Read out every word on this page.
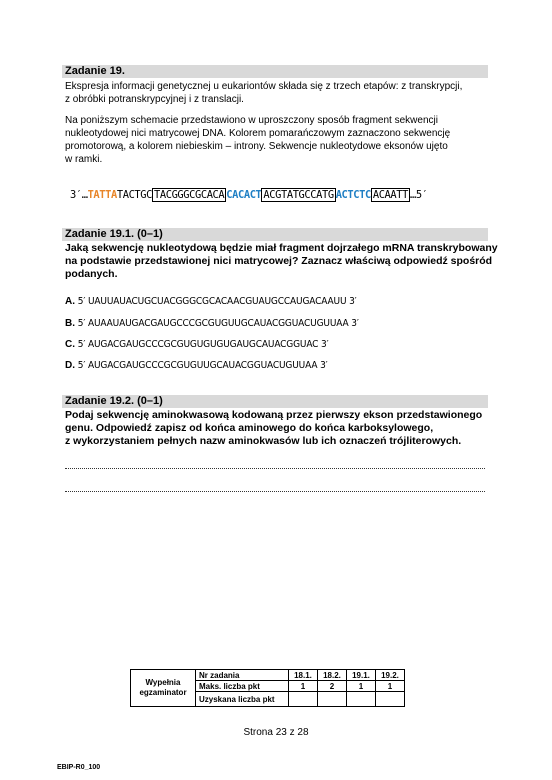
Zadanie 19.
Ekspresja informacji genetycznej u eukariontów składa się z trzech etapów: z transkrypcji,
z obróbki potranskrypcyjnej i z translacji.
Na poniższym schemacie przedstawiono w uproszczony sposób fragment sekwencji
nukleotydowej nici matrycowej DNA. Kolorem pomarańczowym zaznaczono sekwencję
promotorową, a kolorem niebieskim – introny. Sekwencje nukleotydowe eksonów ujęto
w ramki.
3′…TATTATACTGC TACGGGCGCACA CACACT ACGTATGCCATG ACTCTC ACAATT …5′
Zadanie 19.1. (0–1)
Jaką sekwencję nukleotydową będzie miał fragment dojrzałego mRNA transkrybowany
na podstawie przedstawionej nici matrycowej? Zaznacz właściwą odpowiedź spośród
podanych.
A. 5′ UAUUAUACUGCUACGGGCGCACAACGUAUGCCAUGACAAUU 3′
B. 5′ AUAAUAUGACGAUGCCCGCGUGUUGCAUACGGUACUGUUAA 3′
C. 5′ AUGACGAUGCCCGCGUGUGUGUGAUGCAUACGGUAC 3′
D. 5′ AUGACGAUGCCCGCGUGUUGCAUACGGUACUGUUAA 3′
Zadanie 19.2. (0–1)
Podaj sekwencję aminokwasową kodowaną przez pierwszy ekson przedstawionego
genu. Odpowiedź zapisz od końca aminowego do końca karboksylowego,
z wykorzystaniem pełnych nazw aminokwasów lub ich oznaczeń trójliterowych.
Wypełnia
egzaminator	Nr zadania	18.1.	18.2.	19.1.	19.2.
	Maks. liczba pkt	1	2	1	1
	Uzyskana liczba pkt				
Strona 23 z 28
EBIP-R0_100
